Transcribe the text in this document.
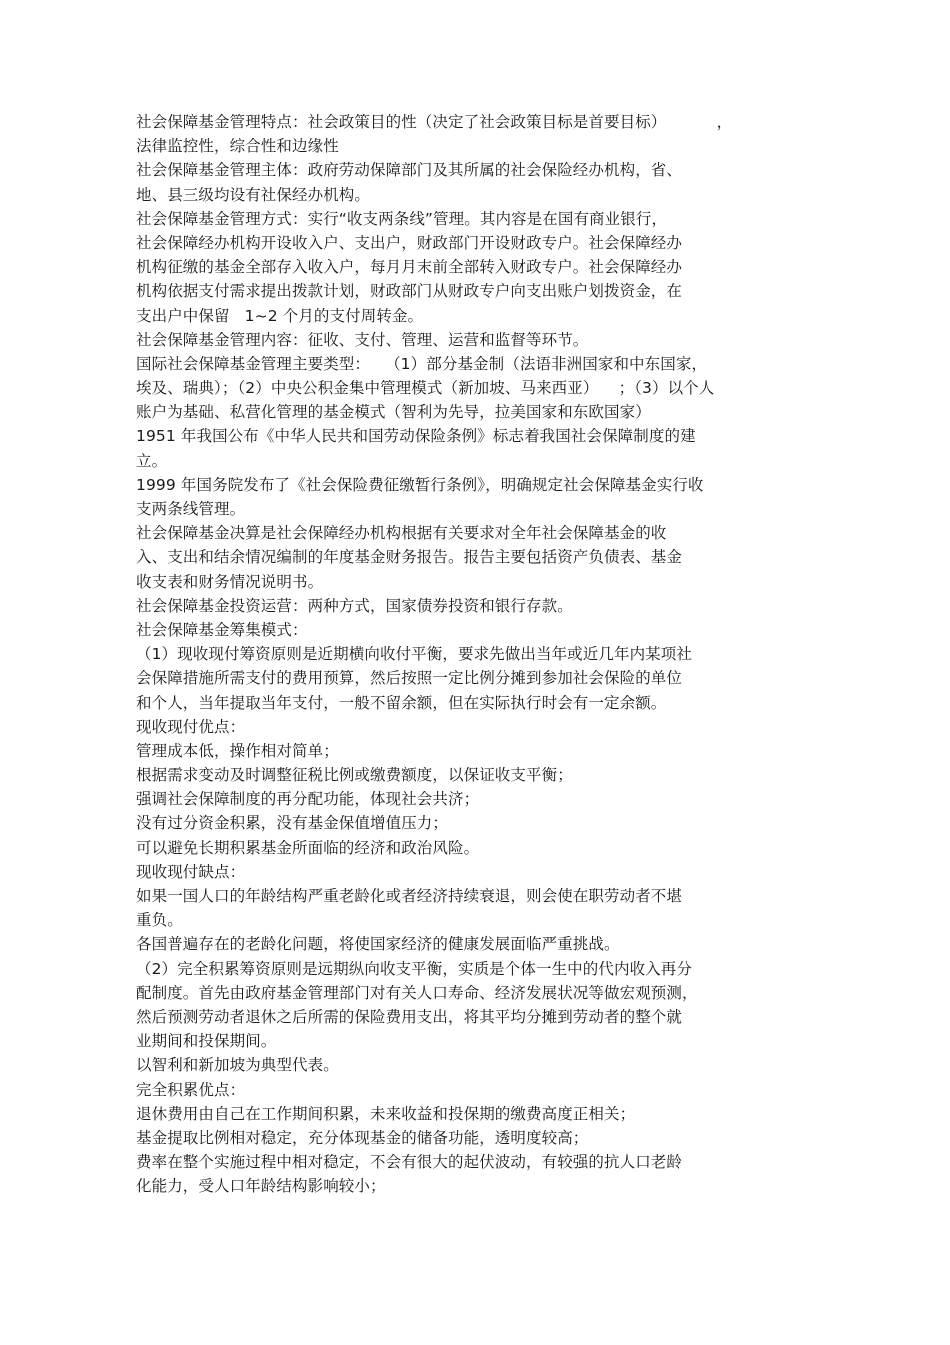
社会保障基金管理特点：社会政策目的性（决定了社会政策目标是首要目标）          ，
法律监控性，综合性和边缘性
社会保障基金管理主体：政府劳动保障部门及其所属的社会保险经办机构，省、
地、县三级均设有社保经办机构。
社会保障基金管理方式：实行“收支两条线”管理。其内容是在国有商业银行，
社会保障经办机构开设收入户、支出户，财政部门开设财政专户。社会保障经办
机构征缴的基金全部存入收入户，每月月末前全部转入财政专户。社会保障经办
机构依据支付需求提出拨款计划，财政部门从财政专户向支出账户划拨资金，在
支出户中保留   1~2 个月的支付周转金。
社会保障基金管理内容：征收、支付、管理、运营和监督等环节。
国际社会保障基金管理主要类型：   （1）部分基金制（法语非洲国家和中东国家，
埃及、瑞典）；（2）中央公积金集中管理模式（新加坡、马来西亚）    ；（3）以个人
账户为基础、私营化管理的基金模式（智利为先导，拉美国家和东欧国家）
1951 年我国公布《中华人民共和国劳动保险条例》标志着我国社会保障制度的建
立。
1999 年国务院发布了《社会保险费征缴暂行条例》，明确规定社会保障基金实行收
支两条线管理。
社会保障基金决算是社会保障经办机构根据有关要求对全年社会保障基金的收
入、支出和结余情况编制的年度基金财务报告。报告主要包括资产负债表、基金
收支表和财务情况说明书。
社会保障基金投资运营：两种方式，国家债券投资和银行存款。
社会保障基金筹集模式：
（1）现收现付筹资原则是近期横向收付平衡，要求先做出当年或近几年内某项社
会保障措施所需支付的费用预算，然后按照一定比例分摊到参加社会保险的单位
和个人，当年提取当年支付，一般不留余额，但在实际执行时会有一定余额。
现收现付优点：
管理成本低，操作相对简单；
根据需求变动及时调整征税比例或缴费额度，以保证收支平衡；
强调社会保障制度的再分配功能，体现社会共济；
没有过分资金积累，没有基金保值增值压力；
可以避免长期积累基金所面临的经济和政治风险。
现收现付缺点：
如果一国人口的年龄结构严重老龄化或者经济持续衰退，则会使在职劳动者不堪
重负。
各国普遍存在的老龄化问题，将使国家经济的健康发展面临严重挑战。
（2）完全积累筹资原则是远期纵向收支平衡，实质是个体一生中的代内收入再分
配制度。首先由政府基金管理部门对有关人口寿命、经济发展状况等做宏观预测，
然后预测劳动者退休之后所需的保险费用支出，将其平均分摊到劳动者的整个就
业期间和投保期间。
以智利和新加坡为典型代表。
完全积累优点：
退休费用由自己在工作期间积累，未来收益和投保期的缴费高度正相关；
基金提取比例相对稳定，充分体现基金的储备功能，透明度较高；
费率在整个实施过程中相对稳定，不会有很大的起伏波动，有较强的抗人口老龄
化能力，受人口年龄结构影响较小；
